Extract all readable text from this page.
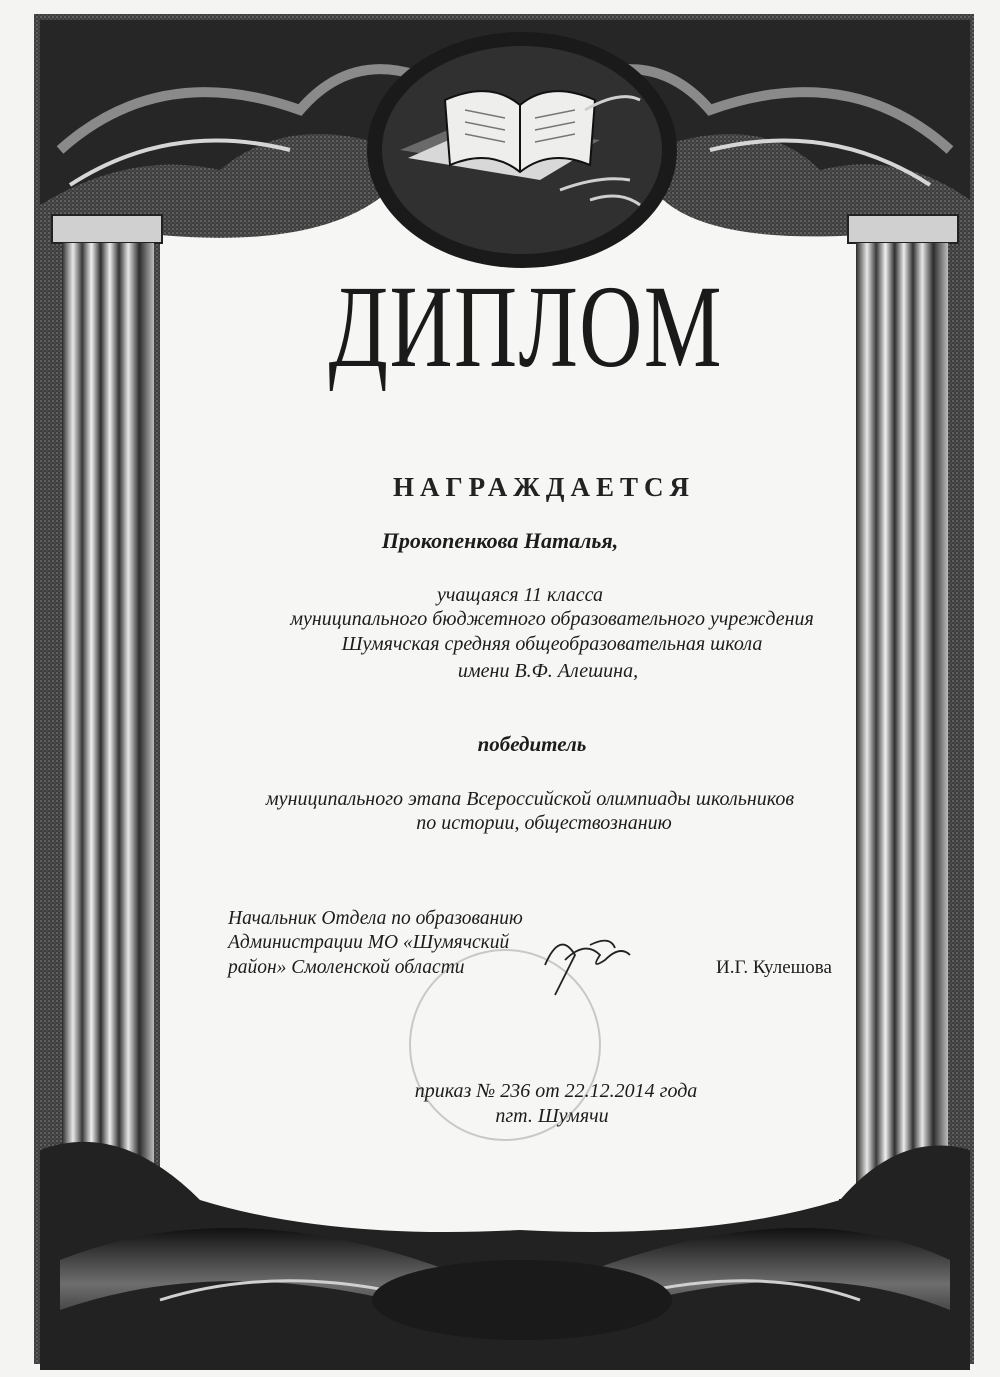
ДИПЛОМ
НАГРАЖДАЕТСЯ
Прокопенкова Наталья,
учащаяся 11 класса
муниципального бюджетного образовательного учреждения
Шумячская средняя общеобразовательная школа
имени В.Ф. Алешина,
победитель
муниципального этапа Всероссийской олимпиады школьников
по истории, обществознанию
Начальник Отдела по образованию
Администрации МО «Шумячский
район» Смоленской области	И.Г. Кулешова
приказ № 236 от 22.12.2014 года
пгт. Шумячи
